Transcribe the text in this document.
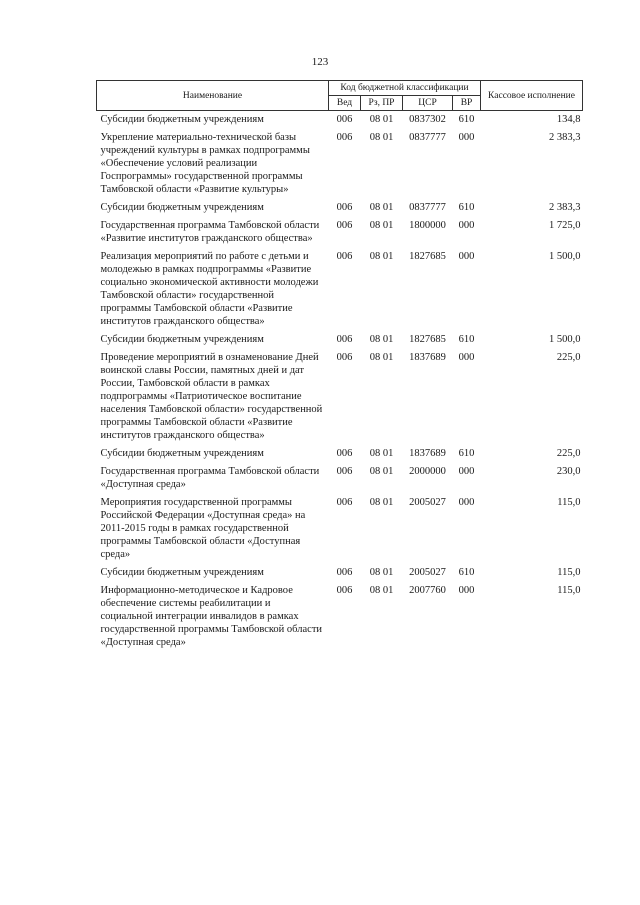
123
Наименование	Код бюджетной классификации				Кассовое исполнение
	Вед	Рз, ПР	ЦСР	ВР	
Субсидии бюджетным учреждениям	006	08 01	0837302	610	134,8
Укрепление материально-технической базы учреждений культуры в рамках подпрограммы «Обеспечение условий реализации Госпрограммы» государственной программы Тамбовской области «Развитие культуры»	006	08 01	0837777	000	2 383,3
Субсидии бюджетным учреждениям	006	08 01	0837777	610	2 383,3
Государственная программа Тамбовской области «Развитие институтов гражданского общества»	006	08 01	1800000	000	1 725,0
Реализация мероприятий по работе с детьми и молодежью в рамках подпрограммы «Развитие социально экономической активности молодежи Тамбовской области» государственной программы Тамбовской области «Развитие институтов гражданского общества»	006	08 01	1827685	000	1 500,0
Субсидии бюджетным учреждениям	006	08 01	1827685	610	1 500,0
Проведение мероприятий в ознаменование Дней воинской славы России, памятных дней и дат России, Тамбовской области в рамках подпрограммы «Патриотическое воспитание населения Тамбовской области» государственной программы Тамбовской области «Развитие институтов гражданского общества»	006	08 01	1837689	000	225,0
Субсидии бюджетным учреждениям	006	08 01	1837689	610	225,0
Государственная программа Тамбовской области «Доступная среда»	006	08 01	2000000	000	230,0
Мероприятия государственной программы Российской Федерации «Доступная среда» на 2011-2015 годы в рамках государственной программы Тамбовской области «Доступная среда»	006	08 01	2005027	000	115,0
Субсидии бюджетным учреждениям	006	08 01	2005027	610	115,0
Информационно-методическое и Кадровое обеспечение системы реабилитации и социальной интеграции инвалидов в рамках государственной программы Тамбовской области «Доступная среда»	006	08 01	2007760	000	115,0
